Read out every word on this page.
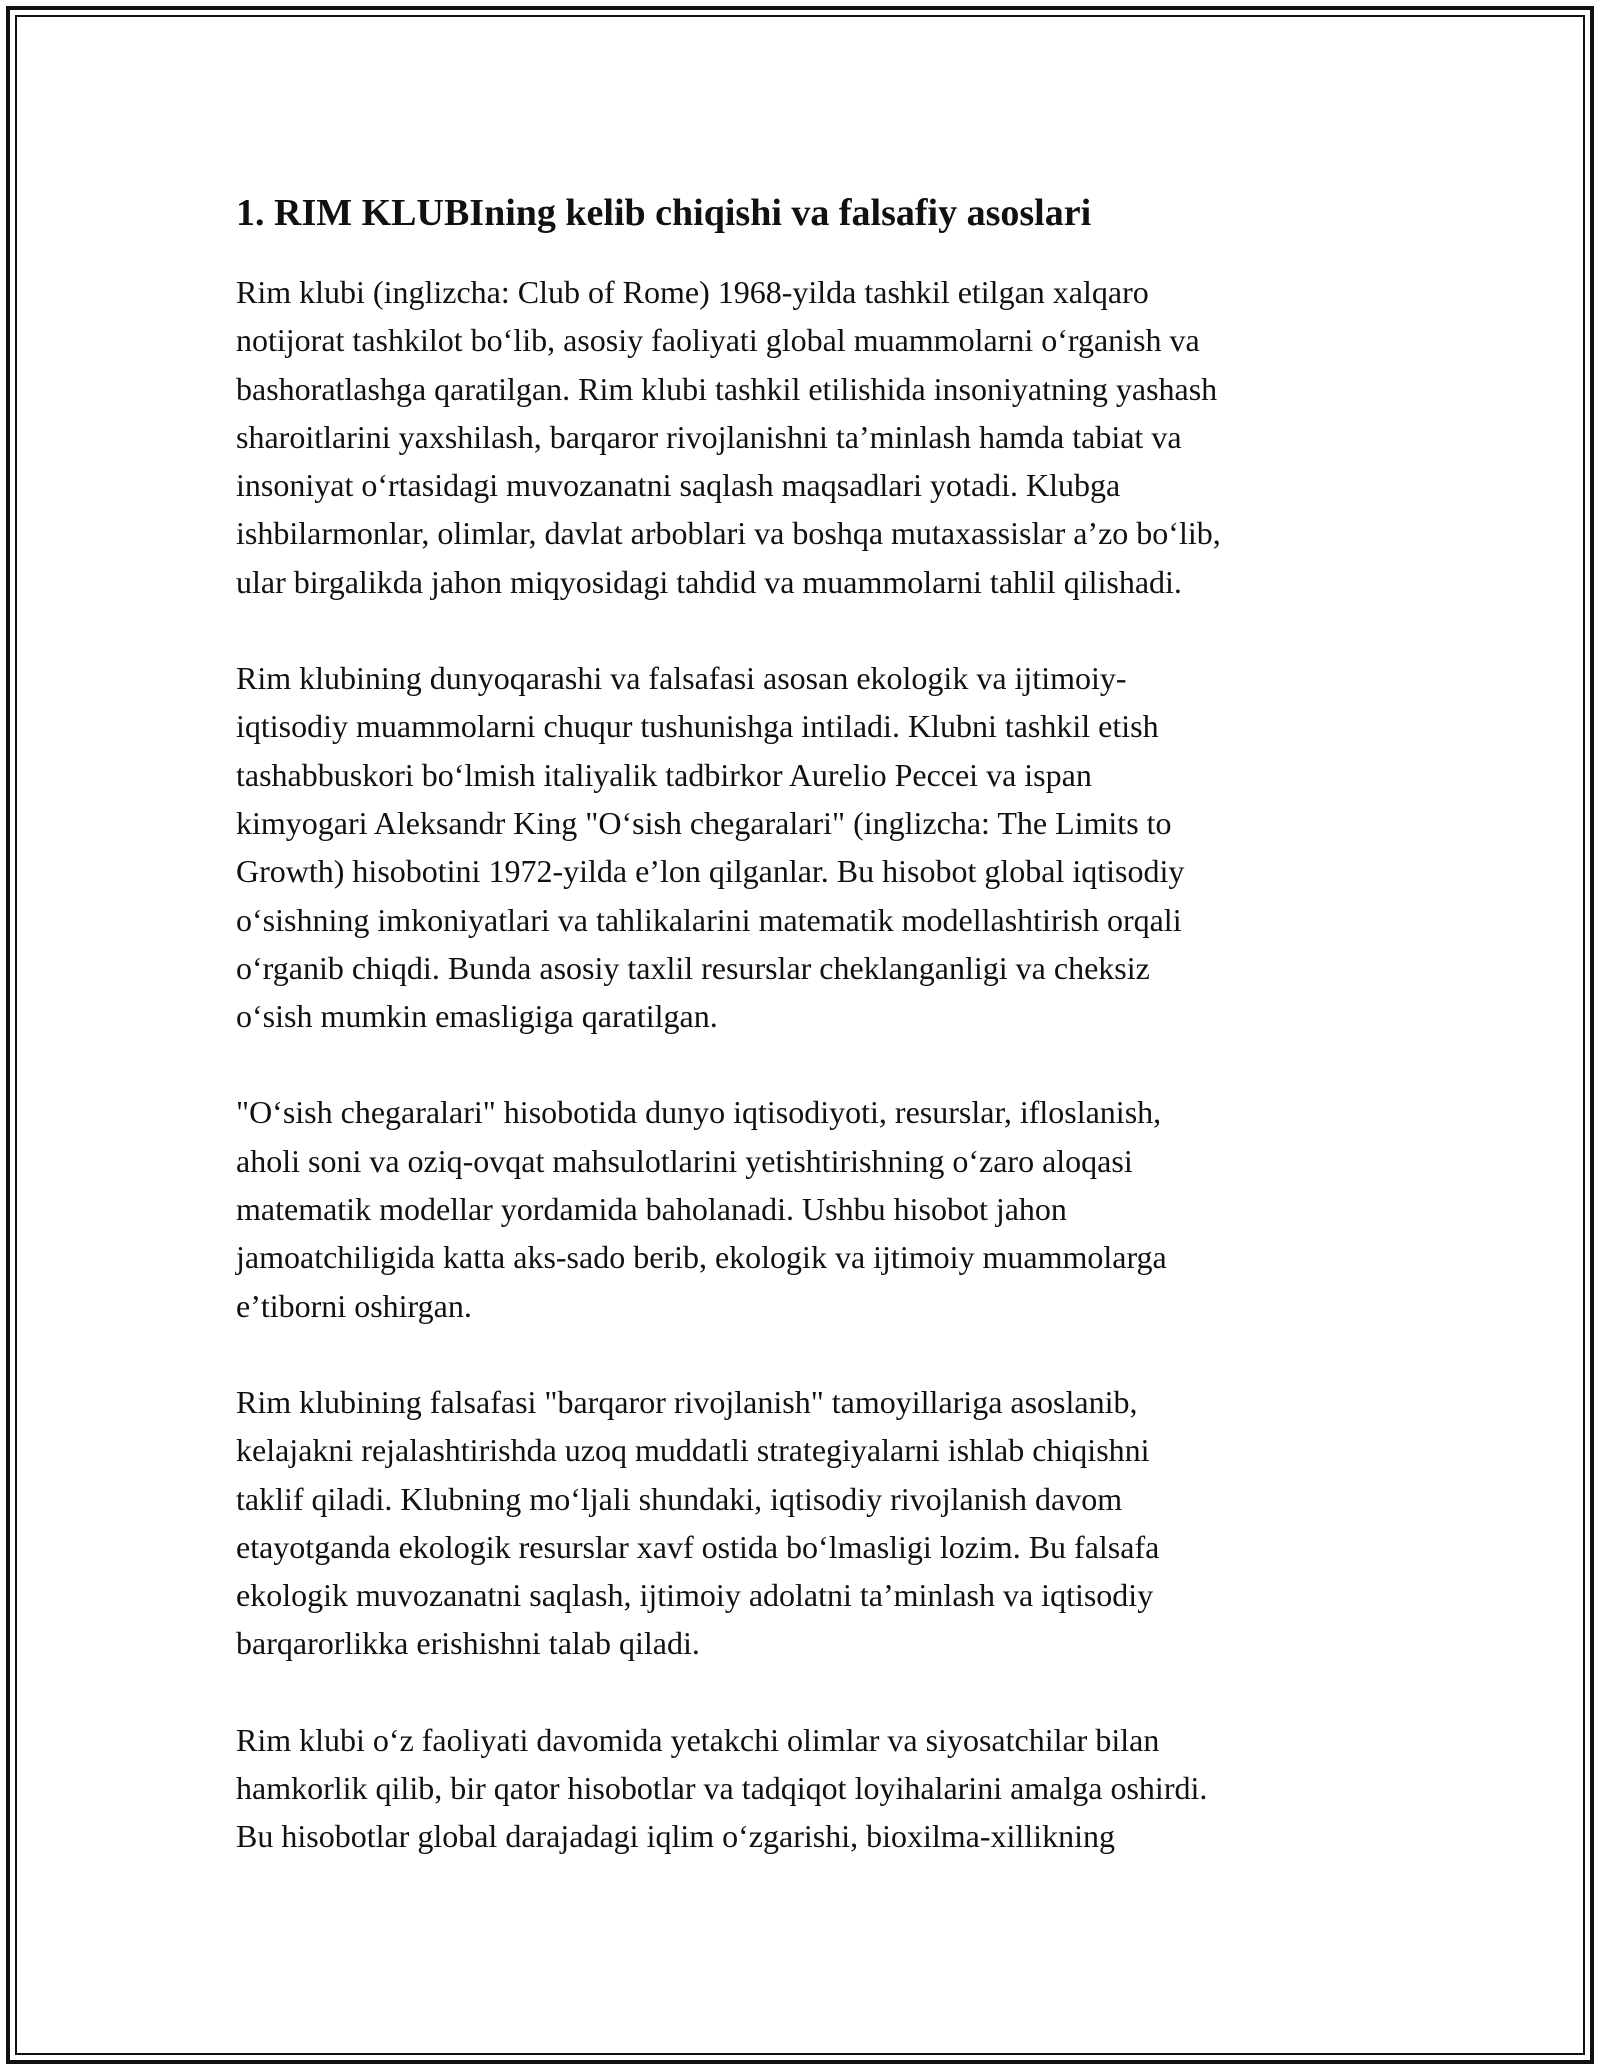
1. RIM KLUBIning kelib chiqishi va falsafiy asoslari

Rim klubi (inglizcha: Club of Rome) 1968-yilda tashkil etilgan xalqaro
notijorat tashkilot boʻlib, asosiy faoliyati global muammolarni oʻrganish va
bashoratlashga qaratilgan. Rim klubi tashkil etilishida insoniyatning yashash
sharoitlarini yaxshilash, barqaror rivojlanishni taʼminlash hamda tabiat va
insoniyat oʻrtasidagi muvozanatni saqlash maqsadlari yotadi. Klubga
ishbilarmonlar, olimlar, davlat arboblari va boshqa mutaxassislar aʼzo boʻlib,
ular birgalikda jahon miqyosidagi tahdid va muammolarni tahlil qilishadi.

Rim klubining dunyoqarashi va falsafasi asosan ekologik va ijtimoiy-
iqtisodiy muammolarni chuqur tushunishga intiladi. Klubni tashkil etish
tashabbuskori boʻlmish italiyalik tadbirkor Aurelio Peccei va ispan
kimyogari Aleksandr King "Oʻsish chegaralari" (inglizcha: The Limits to
Growth) hisobotini 1972-yilda eʼlon qilganlar. Bu hisobot global iqtisodiy
oʻsishning imkoniyatlari va tahlikalarini matematik modellashtirish orqali
oʻrganib chiqdi. Bunda asosiy taxlil resurslar cheklanganligi va cheksiz
oʻsish mumkin emasligiga qaratilgan.

"Oʻsish chegaralari" hisobotida dunyo iqtisodiyoti, resurslar, ifloslanish,
aholi soni va oziq-ovqat mahsulotlarini yetishtirishning oʻzaro aloqasi
matematik modellar yordamida baholanadi. Ushbu hisobot jahon
jamoatchiligida katta aks-sado berib, ekologik va ijtimoiy muammolarga
eʼtiborni oshirgan.

Rim klubining falsafasi "barqaror rivojlanish" tamoyillariga asoslanib,
kelajakni rejalashtirishda uzoq muddatli strategiyalarni ishlab chiqishni
taklif qiladi. Klubning moʻljali shundaki, iqtisodiy rivojlanish davom
etayotganda ekologik resurslar xavf ostida boʻlmasligi lozim. Bu falsafa
ekologik muvozanatni saqlash, ijtimoiy adolatni taʼminlash va iqtisodiy
barqarorlikka erishishni talab qiladi.

Rim klubi oʻz faoliyati davomida yetakchi olimlar va siyosatchilar bilan
hamkorlik qilib, bir qator hisobotlar va tadqiqot loyihalarini amalga oshirdi.
Bu hisobotlar global darajadagi iqlim oʻzgarishi, bioxilma-xillikning
